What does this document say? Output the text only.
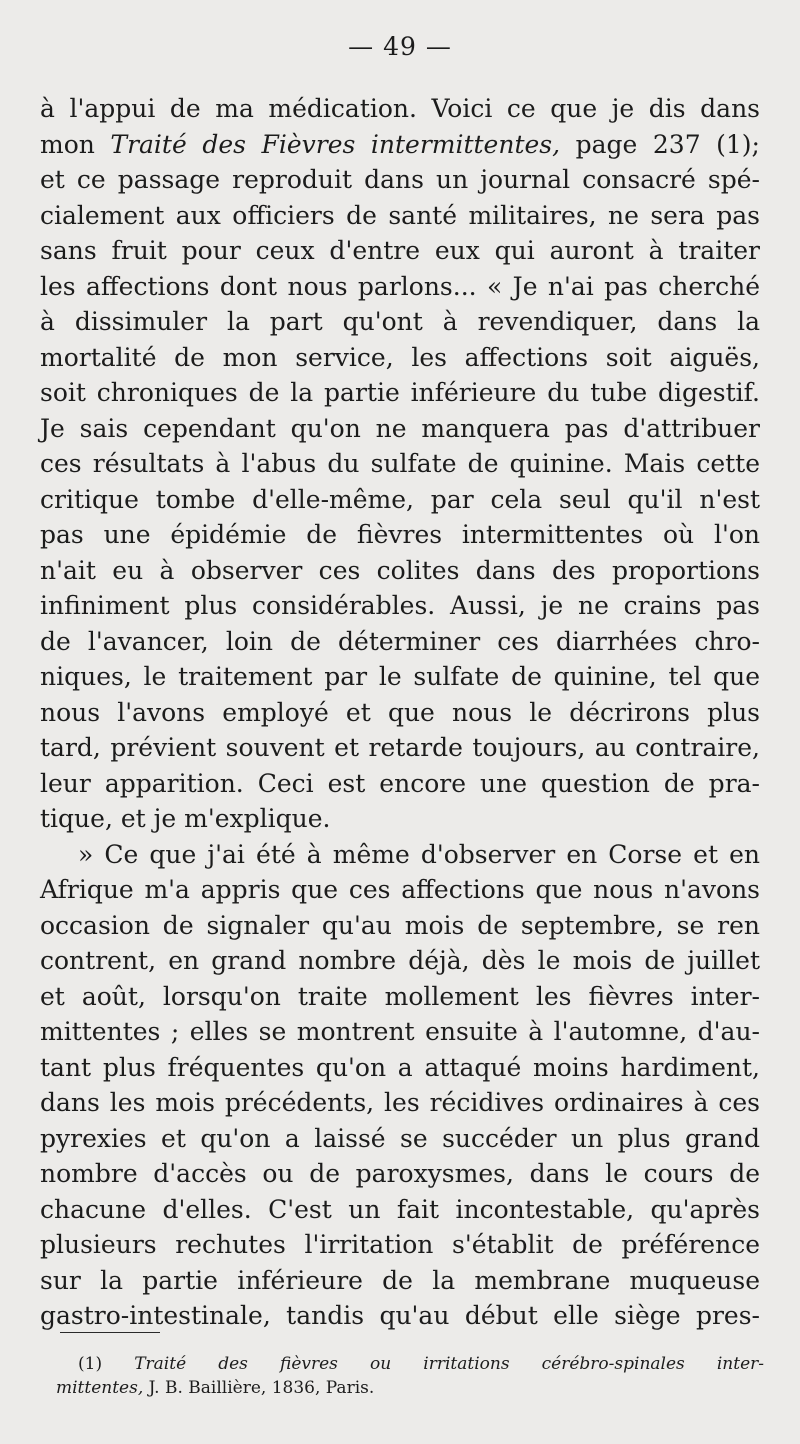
— 49 —
à l'appui de ma médication. Voici ce que je dis dans
mon Traité des Fièvres intermittentes, page 237 (1);
et ce passage reproduit dans un journal consacré spé-
cialement aux officiers de santé militaires, ne sera pas
sans fruit pour ceux d'entre eux qui auront à traiter
les affections dont nous parlons... « Je n'ai pas cherché
à dissimuler la part qu'ont à revendiquer, dans la
mortalité de mon service, les affections soit aiguës,
soit chroniques de la partie inférieure du tube digestif.
Je sais cependant qu'on ne manquera pas d'attribuer
ces résultats à l'abus du sulfate de quinine. Mais cette
critique tombe d'elle-même, par cela seul qu'il n'est
pas une épidémie de fièvres intermittentes où l'on
n'ait eu à observer ces colites dans des proportions
infiniment plus considérables. Aussi, je ne crains pas
de l'avancer, loin de déterminer ces diarrhées chro-
niques, le traitement par le sulfate de quinine, tel que
nous l'avons employé et que nous le décrirons plus
tard, prévient souvent et retarde toujours, au contraire,
leur apparition. Ceci est encore une question de pra-
tique, et je m'explique.
» Ce que j'ai été à même d'observer en Corse et en
Afrique m'a appris que ces affections que nous n'avons
occasion de signaler qu'au mois de septembre, se ren
contrent, en grand nombre déjà, dès le mois de juillet
et août, lorsqu'on traite mollement les fièvres inter-
mittentes ; elles se montrent ensuite à l'automne, d'au-
tant plus fréquentes qu'on a attaqué moins hardiment,
dans les mois précédents, les récidives ordinaires à ces
pyrexies et qu'on a laissé se succéder un plus grand
nombre d'accès ou de paroxysmes, dans le cours de
chacune d'elles. C'est un fait incontestable, qu'après
plusieurs rechutes l'irritation s'établit de préférence
sur la partie inférieure de la membrane muqueuse
gastro-intestinale, tandis qu'au début elle siège pres-
(1) Traité des fièvres ou irritations cérébro-spinales inter-
mittentes, J. B. Baillière, 1836, Paris.
